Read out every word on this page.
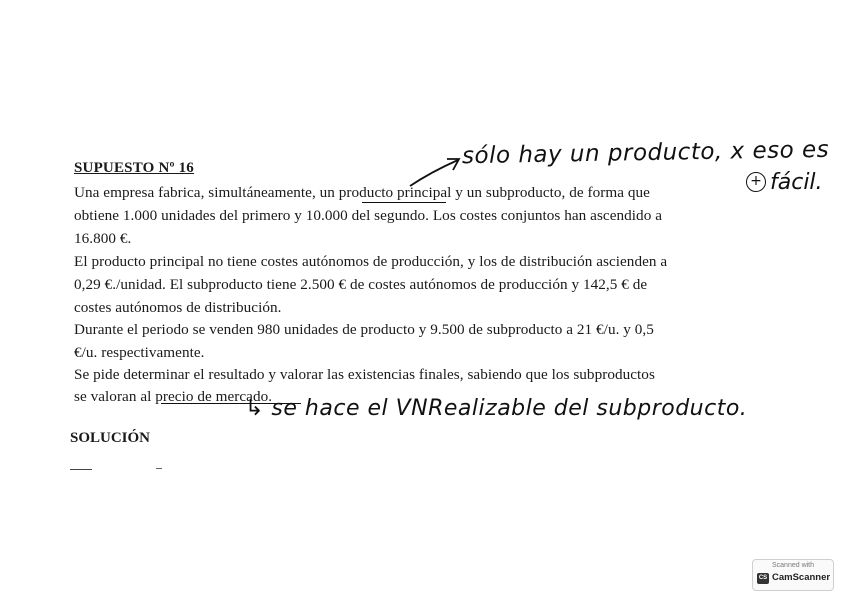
SUPUESTO Nº 16
Una empresa fabrica, simultáneamente, un producto principal y un subproducto, de forma que
obtiene 1.000 unidades del primero y 10.000 del segundo. Los costes conjuntos han ascendido a
16.800 €.
El producto principal no tiene costes autónomos de producción, y los de distribución ascienden a
0,29 €./unidad. El subproducto tiene 2.500 € de costes autónomos de producción y 142,5 € de
costes autónomos de distribución.
Durante el periodo se venden 980 unidades de producto y 9.500 de subproducto a 21 €/u. y 0,5
€/u. respectivamente.
Se pide determinar el resultado y valorar las existencias finales, sabiendo que los subproductos
se valoran al precio de mercado.
SOLUCIÓN
sólo hay un producto, x eso es
+ fácil.
↳ se hace el VNRealizable del subproducto.
Scanned with
CS CamScanner
